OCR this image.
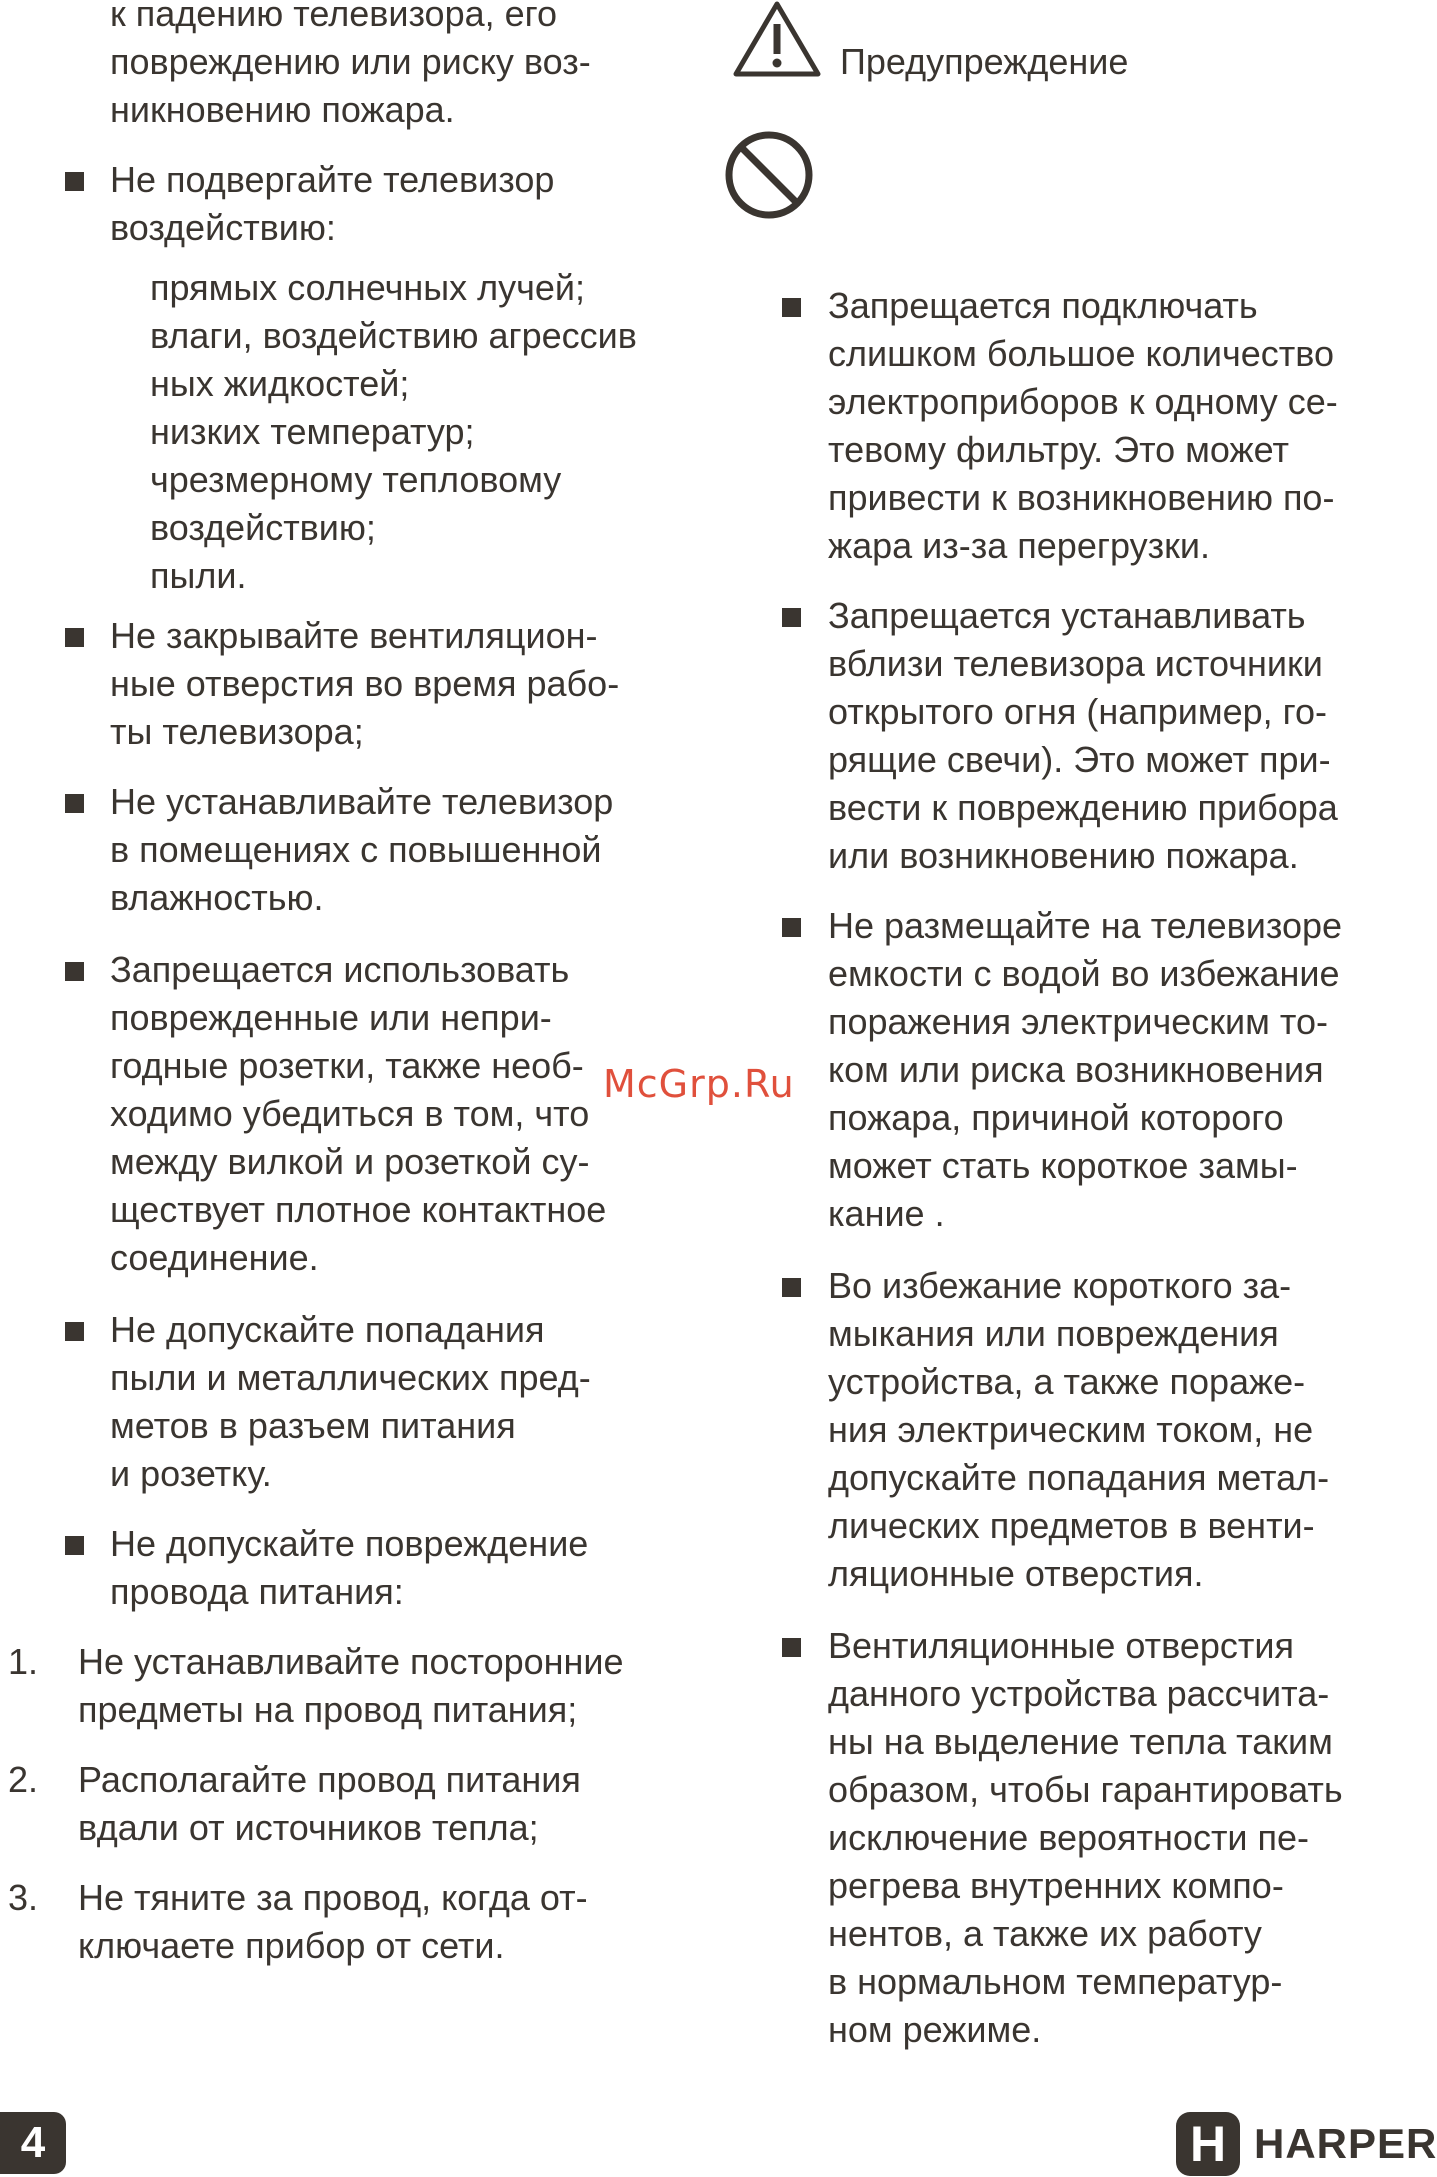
к падению телевизора, его
повреждению или риску воз-
никновению пожара.
Не подвергайте телевизор
воздействию:
прямых солнечных лучей;
влаги, воздействию агрессив
ных жидкостей;
низких температур;
чрезмерному тепловому
воздействию;
пыли.
Не закрывайте вентиляцион-
ные отверстия во время рабо-
ты телевизора;
Не устанавливайте телевизор
в помещениях с повышенной
влажностью.
Запрещается использовать
поврежденные или непри-
годные розетки, также необ-
ходимо убедиться в том, что
между вилкой и розеткой су-
ществует плотное контактное
соединение.
Не допускайте попадания
пыли и металлических пред-
метов в разъем питания
и розетку.
Не допускайте повреждение
провода питания:
1. Не устанавливайте посторонние
предметы на провод питания;
2. Располагайте провод питания
вдали от источников тепла;
3. Не тяните за провод, когда от-
ключаете прибор от сети.
Предупреждение
Запрещается подключать
слишком большое количество
электроприборов к одному се-
тевому фильтру. Это может
привести к возникновению по-
жара из-за перегрузки.
Запрещается устанавливать
вблизи телевизора источники
открытого огня (например, го-
рящие свечи). Это может при-
вести к повреждению прибора
или возникновению пожара.
Не размещайте на телевизоре
емкости с водой во избежание
поражения электрическим то-
ком или риска возникновения
пожара, причиной которого
может стать короткое замы-
кание .
Во избежание короткого за-
мыкания или повреждения
устройства, а также пораже-
ния электрическим током, не
допускайте попадания метал-
лических предметов в венти-
ляционные отверстия.
Вентиляционные отверстия
данного устройства рассчита-
ны на выделение тепла таким
образом, чтобы гарантировать
исключение вероятности пе-
регрева внутренних компо-
нентов, а также их работу
в нормальном температур-
ном режиме.
McGrp.Ru
4	H HARPER
